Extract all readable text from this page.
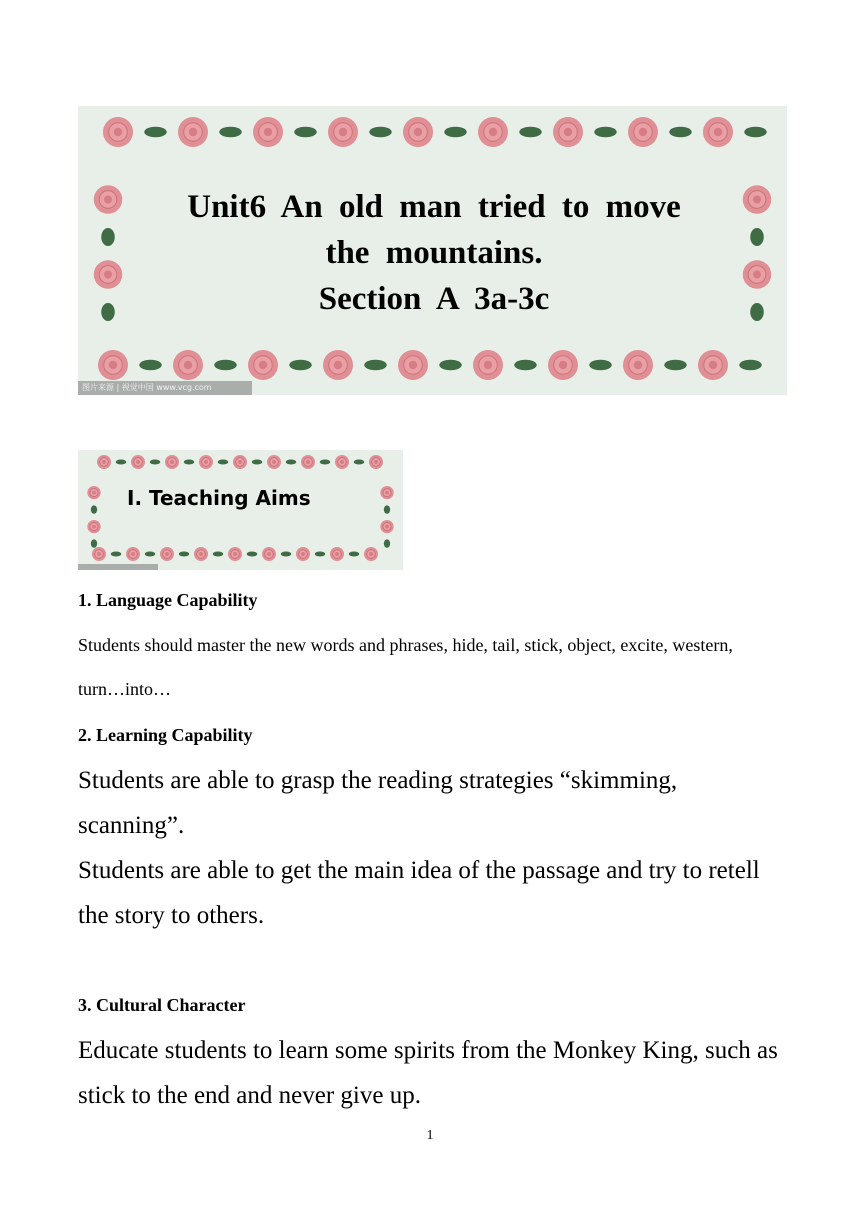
Unit6 An old man tried to move
the mountains.
Section A 3a-3c
图片来源 | 视觉中国 www.vcg.com
I. Teaching Aims
1. Language Capability
Students should master the new words and phrases, hide, tail, stick, object, excite, western, turn…into…
2. Learning Capability
Students are able to grasp the reading strategies “skimming, scanning”.
Students are able to get the main idea of the passage and try to retell the story to others.
3. Cultural Character
Educate students to learn some spirits from the Monkey King, such as stick to the end and never give up.
1
